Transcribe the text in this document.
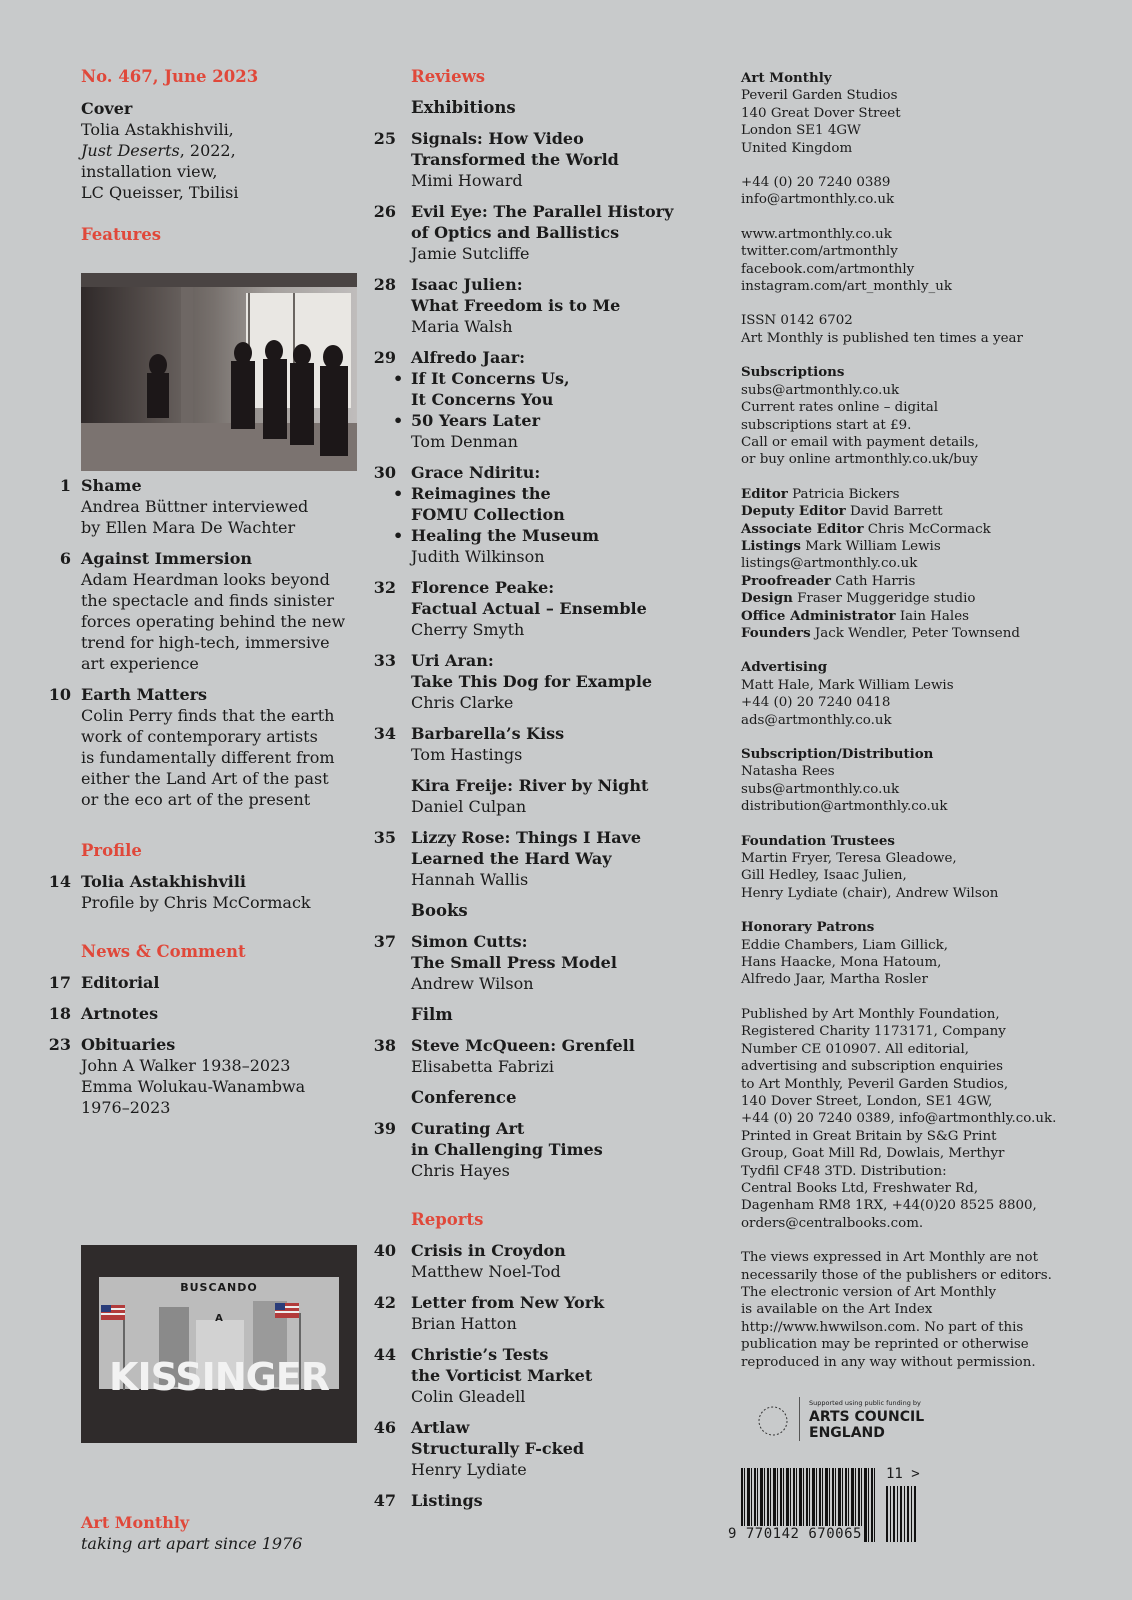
No. 467, June 2023
Cover
Tolia Astakhishvili,
Just Deserts, 2022,
installation view,
LC Queisser, Tbilisi
Features
1 Shame
Andrea Büttner interviewed
by Ellen Mara De Wachter
6 Against Immersion
Adam Heardman looks beyond
the spectacle and finds sinister
forces operating behind the new
trend for high-tech, immersive
art experience
10 Earth Matters
Colin Perry finds that the earth
work of contemporary artists
is fundamentally different from
either the Land Art of the past
or the eco art of the present
Profile
14 Tolia Astakhishvili
Profile by Chris McCormack
News & Comment
17 Editorial
18 Artnotes
23 Obituaries
John A Walker 1938–2023
Emma Wolukau-Wanambwa
1976–2023
BUSCANDO
A
KISSINGER
Reviews
Exhibitions
25 Signals: How Video
Transformed the World
Mimi Howard
26 Evil Eye: The Parallel History
of Optics and Ballistics
Jamie Sutcliffe
28 Isaac Julien:
What Freedom is to Me
Maria Walsh
29 Alfredo Jaar:
• If It Concerns Us,
It Concerns You
• 50 Years Later
Tom Denman
30 Grace Ndiritu:
• Reimagines the
FOMU Collection
• Healing the Museum
Judith Wilkinson
32 Florence Peake:
Factual Actual – Ensemble
Cherry Smyth
33 Uri Aran:
Take This Dog for Example
Chris Clarke
34 Barbarella’s Kiss
Tom Hastings
Kira Freije: River by Night
Daniel Culpan
35 Lizzy Rose: Things I Have
Learned the Hard Way
Hannah Wallis
Books
37 Simon Cutts:
The Small Press Model
Andrew Wilson
Film
38 Steve McQueen: Grenfell
Elisabetta Fabrizi
Conference
39 Curating Art
in Challenging Times
Chris Hayes
Reports
40 Crisis in Croydon
Matthew Noel-Tod
42 Letter from New York
Brian Hatton
44 Christie’s Tests
the Vorticist Market
Colin Gleadell
46 Artlaw
Structurally F-cked
Henry Lydiate
47 Listings
Art Monthly
Peveril Garden Studios
140 Great Dover Street
London SE1 4GW
United Kingdom
+44 (0) 20 7240 0389
info@artmonthly.co.uk
www.artmonthly.co.uk
twitter.com/artmonthly
facebook.com/artmonthly
instagram.com/art_monthly_uk
ISSN 0142 6702
Art Monthly is published ten times a year
Subscriptions
subs@artmonthly.co.uk
Current rates online – digital
subscriptions start at £9.
Call or email with payment details,
or buy online artmonthly.co.uk/buy
Editor Patricia Bickers
Deputy Editor David Barrett
Associate Editor Chris McCormack
Listings Mark William Lewis
listings@artmonthly.co.uk
Proofreader Cath Harris
Design Fraser Muggeridge studio
Office Administrator Iain Hales
Founders Jack Wendler, Peter Townsend
Advertising
Matt Hale, Mark William Lewis
+44 (0) 20 7240 0418
ads@artmonthly.co.uk
Subscription/Distribution
Natasha Rees
subs@artmonthly.co.uk
distribution@artmonthly.co.uk
Foundation Trustees
Martin Fryer, Teresa Gleadowe,
Gill Hedley, Isaac Julien,
Henry Lydiate (chair), Andrew Wilson
Honorary Patrons
Eddie Chambers, Liam Gillick,
Hans Haacke, Mona Hatoum,
Alfredo Jaar, Martha Rosler
Published by Art Monthly Foundation,
Registered Charity 1173171, Company
Number CE 010907. All editorial,
advertising and subscription enquiries
to Art Monthly, Peveril Garden Studios,
140 Dover Street, London, SE1 4GW,
+44 (0) 20 7240 0389, info@artmonthly.co.uk.
Printed in Great Britain by S&G Print
Group, Goat Mill Rd, Dowlais, Merthyr
Tydfil CF48 3TD. Distribution:
Central Books Ltd, Freshwater Rd,
Dagenham RM8 1RX, +44(0)20 8525 8800,
orders@centralbooks.com.
The views expressed in Art Monthly are not
necessarily those of the publishers or editors.
The electronic version of Art Monthly
is available on the Art Index
http://www.hwwilson.com. No part of this
publication may be reprinted or otherwise
reproduced in any way without permission.
Supported using public funding by
ARTS COUNCIL
ENGLAND
9 770142 670065
11 >
Art Monthly
taking art apart since 1976
